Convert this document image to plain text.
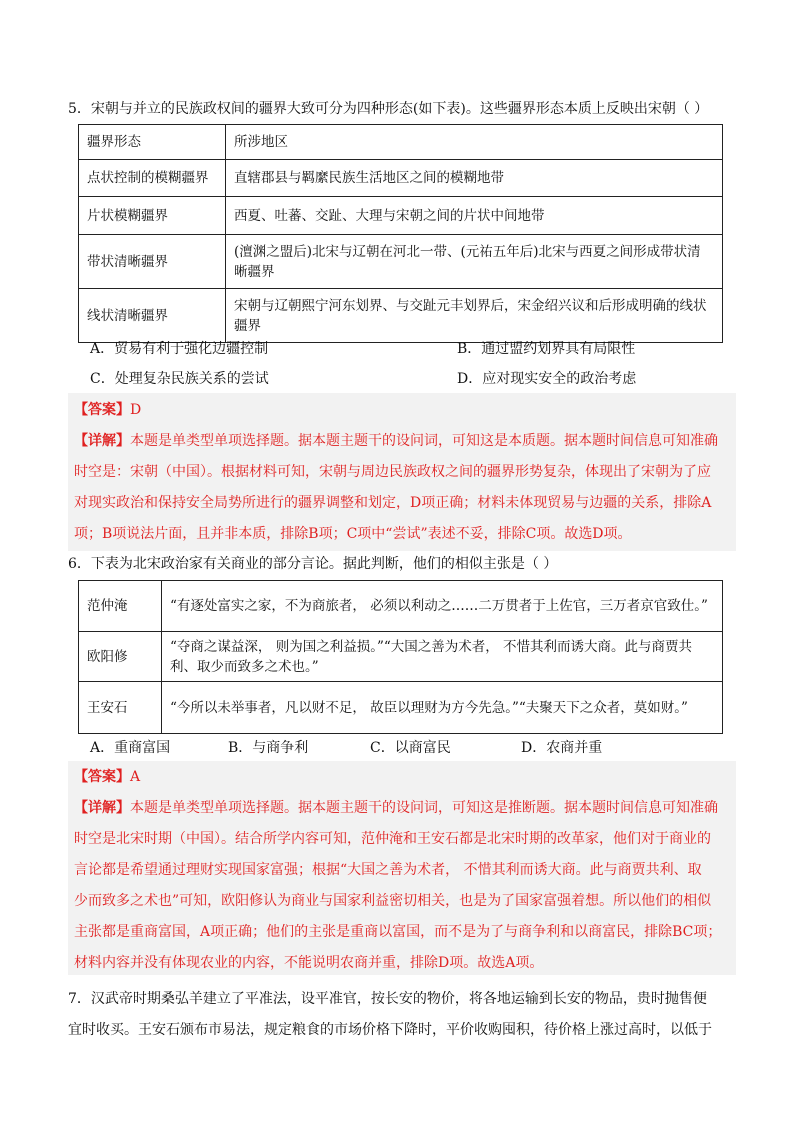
5．宋朝与并立的民族政权间的疆界大致可分为四种形态(如下表)。这些疆界形态本质上反映出宋朝（ ）

疆界形态	所涉地区
点状控制的模糊疆界	直辖郡县与羁縻民族生活地区之间的模糊地带
片状模糊疆界	西夏、吐蕃、交趾、大理与宋朝之间的片状中间地带
带状清晰疆界	(澶渊之盟后)北宋与辽朝在河北一带、(元祐五年后)北宋与西夏之间形成带状清晰疆界
线状清晰疆界	宋朝与辽朝熙宁河东划界、与交趾元丰划界后，宋金绍兴议和后形成明确的线状疆界
A．贸易有利于强化边疆控制	B．通过盟约划界具有局限性
C．处理复杂民族关系的尝试	D．应对现实安全的政治考虑

【答案】D

【详解】本题是单类型单项选择题。据本题主题干的设问词，可知这是本质题。据本题时间信息可知准确

时空是：宋朝（中国）。根据材料可知，宋朝与周边民族政权之间的疆界形势复杂，体现出了宋朝为了应

对现实政治和保持安全局势所进行的疆界调整和划定，D项正确；材料未体现贸易与边疆的关系，排除A

项；B项说法片面，且并非本质，排除B项；C项中“尝试”表述不妥，排除C项。故选D项。

6．下表为北宋政治家有关商业的部分言论。据此判断，他们的相似主张是（ ）

范仲淹	“有逐处富实之家，不为商旅者， 必须以利动之……二万贯者于上佐官，三万者京官致仕。”
欧阳修	“夺商之谋益深， 则为国之利益损。”“大国之善为术者， 不惜其利而诱大商。此与商贾共利、取少而致多之术也。”
王安石	“今所以未举事者，凡以财不足， 故臣以理财为方今先急。”“夫聚天下之众者，莫如财。”
A．重商富国	B．与商争利	C．以商富民	D．农商并重

【答案】A

【详解】本题是单类型单项选择题。据本题主题干的设问词，可知这是推断题。据本题时间信息可知准确

时空是北宋时期（中国）。结合所学内容可知，范仲淹和王安石都是北宋时期的改革家，他们对于商业的

言论都是希望通过理财实现国家富强；根据“大国之善为术者， 不惜其利而诱大商。此与商贾共利、取

少而致多之术也”可知，欧阳修认为商业与国家利益密切相关，也是为了国家富强着想。所以他们的相似

主张都是重商富国，A项正确；他们的主张是重商以富国，而不是为了与商争利和以商富民，排除BC项；

材料内容并没有体现农业的内容，不能说明农商并重，排除D项。故选A项。

7．汉武帝时期桑弘羊建立了平准法，设平准官，按长安的物价，将各地运输到长安的物品，贵时抛售便

宜时收买。王安石颁布市易法，规定粮食的市场价格下降时，平价收购囤积，待价格上涨过高时，以低于
